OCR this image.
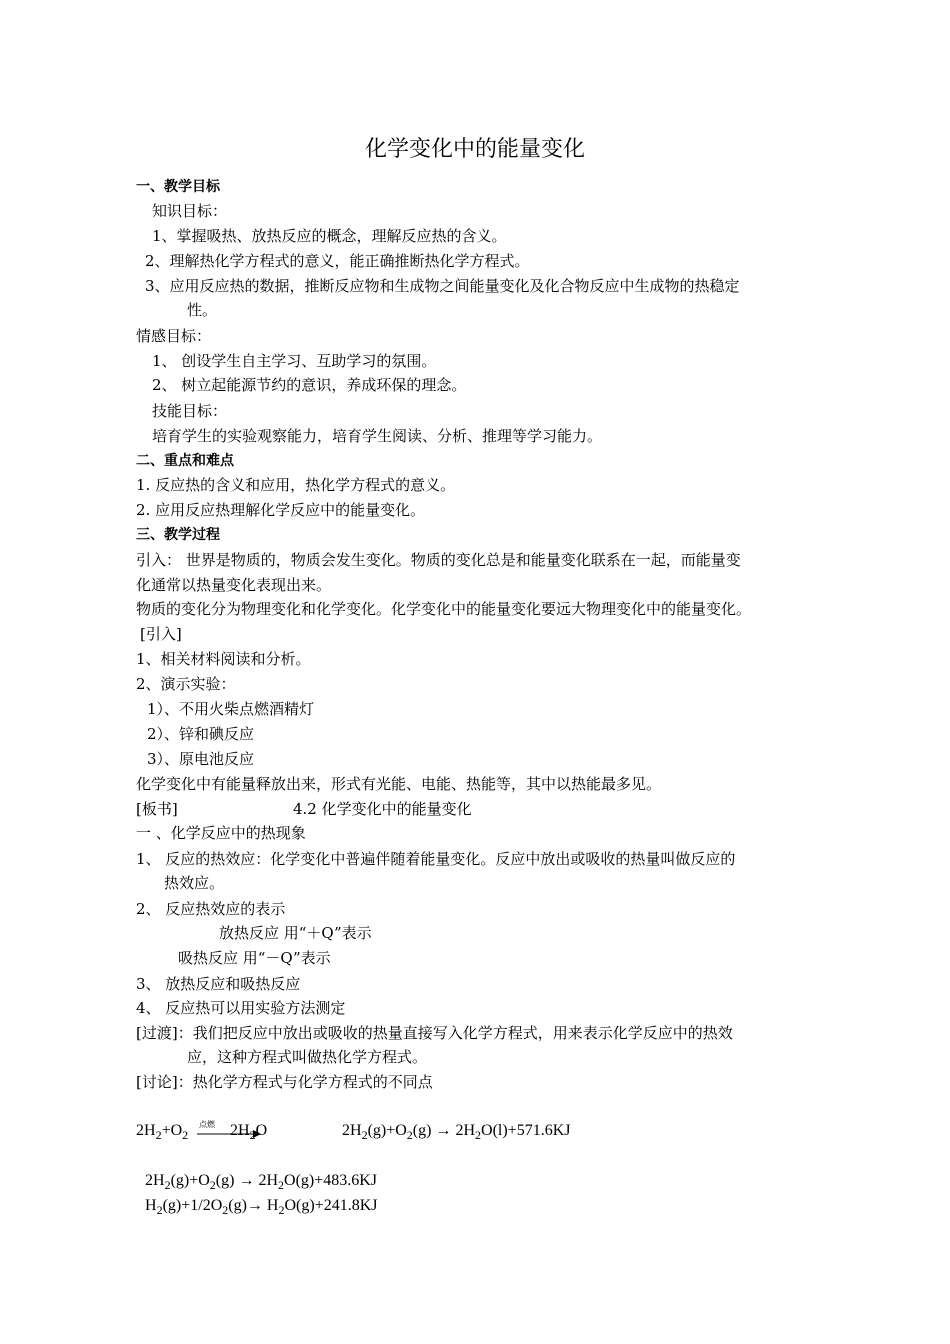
化学变化中的能量变化
一、教学目标
知识目标：
1、掌握吸热、放热反应的概念，理解反应热的含义。
2、理解热化学方程式的意义，能正确推断热化学方程式。
3、应用反应热的数据，推断反应物和生成物之间能量变化及化合物反应中生成物的热稳定
性。
情感目标：
1、 创设学生自主学习、互助学习的氛围。
2、 树立起能源节约的意识，养成环保的理念。
技能目标：
培育学生的实验观察能力，培育学生阅读、分析、推理等学习能力。
二、重点和难点
1. 反应热的含义和应用，热化学方程式的意义。
2. 应用反应热理解化学反应中的能量变化。
三、教学过程
引入： 世界是物质的，物质会发生变化。物质的变化总是和能量变化联系在一起，而能量变
化通常以热量变化表现出来。
物质的变化分为物理变化和化学变化。化学变化中的能量变化要远大物理变化中的能量变化。
[引入]
1、相关材料阅读和分析。
2、演示实验：
1）、不用火柴点燃酒精灯
2）、锌和碘反应
3）、原电池反应
化学变化中有能量释放出来，形式有光能、电能、热能等，其中以热能最多见。
[板书]	4.2 化学变化中的能量变化
一 、化学反应中的热现象
1、 反应的热效应：化学变化中普遍伴随着能量变化。反应中放出或吸收的热量叫做反应的
热效应。
2、 反应热效应的表示
放热反应 用“＋Q”表示
吸热反应 用“－Q”表示
3、 放热反应和吸热反应
4、 反应热可以用实验方法测定
[过渡]：我们把反应中放出或吸收的热量直接写入化学方程式，用来表示化学反应中的热效
应，这种方程式叫做热化学方程式。
[讨论]：热化学方程式与化学方程式的不同点
$2H_2+O_2$
点燃 $2H_2O$	$2H_2(g)+O_2(g) \to 2H_2O(l)+571.6KJ$
$2H_2(g)+O_2(g) \to 2H_2O(g)+483.6KJ$
$H_2(g)+1/2O_2(g)\to H_2O(g)+241.8KJ$
